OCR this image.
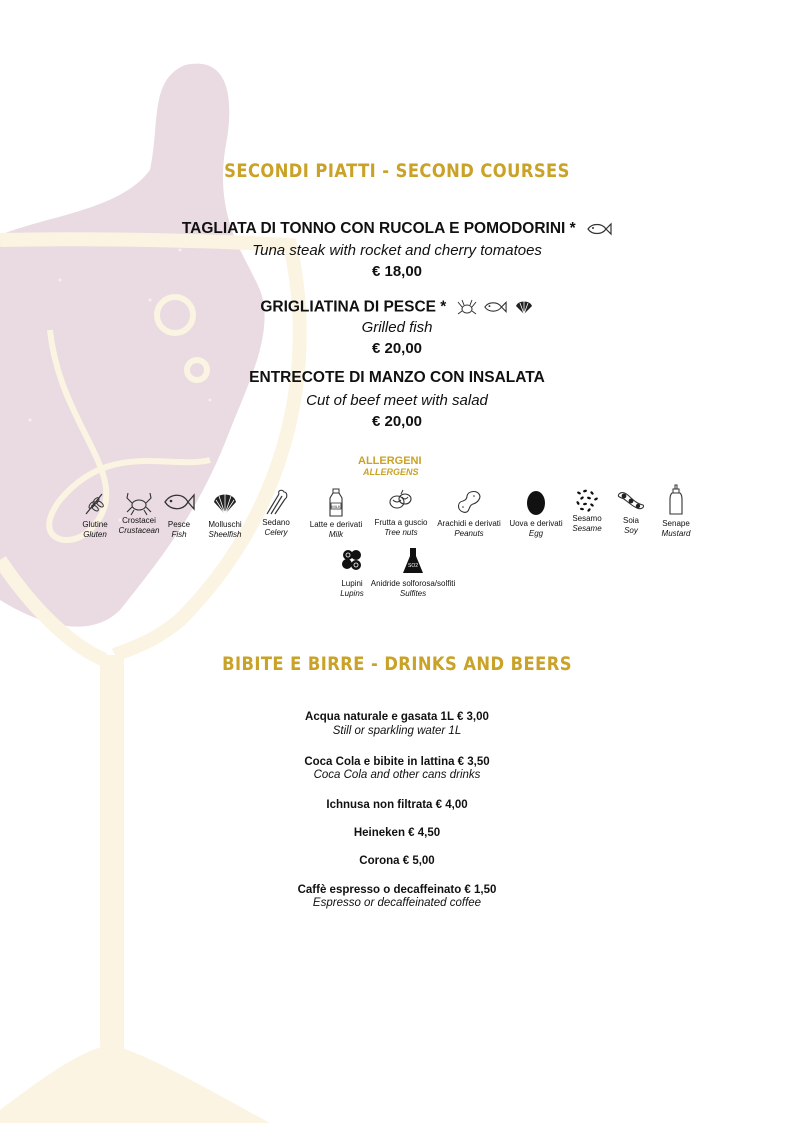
SECONDI PIATTI - SECOND COURSES
TAGLIATA DI TONNO CON RUCOLA E POMODORINI *
Tuna steak with rocket and cherry tomatoes
€ 18,00
GRIGLIATINA DI PESCE *
Grilled fish
€ 20,00
ENTRECOTE DI MANZO CON INSALATA
Cut of beef meet with salad
€ 20,00
ALLERGENI
ALLERGENS
Glutine
Gluten
Crostacei
Crustacean
Pesce
Fish
Molluschi
Sheelfish
Sedano
Celery
MILK
Latte e derivati
Milk
Frutta a guscio
Tree nuts
Arachidi e derivati
Peanuts
Uova e derivati
Egg
Sesamo
Sesame
Soia
Soy
Senape
Mustard
Lupini
Lupins
SO2
Anidride solforosa/solfiti
Sulfites
BIBITE E BIRRE - DRINKS AND BEERS
Acqua naturale e gasata 1L € 3,00
Still or sparkling water 1L
Coca Cola e bibite in lattina € 3,50
Coca Cola and other cans drinks
Ichnusa non filtrata € 4,00
Heineken € 4,50
Corona € 5,00
Caffè espresso o decaffeinato € 1,50
Espresso or decaffeinated coffee
